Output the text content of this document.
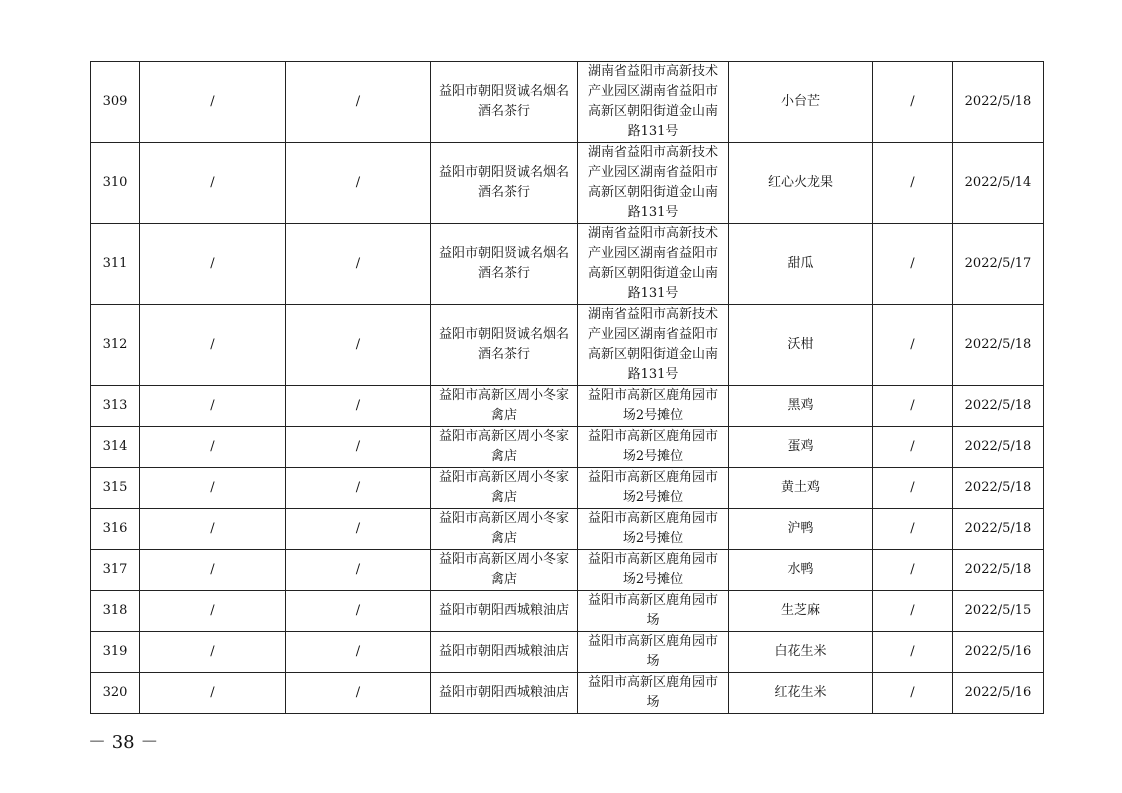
309	/	/	益阳市朝阳贤诚名烟名酒名茶行	湖南省益阳市高新技术产业园区湖南省益阳市高新区朝阳街道金山南路131号	小台芒	/	2022/5/18
310	/	/	益阳市朝阳贤诚名烟名酒名茶行	湖南省益阳市高新技术产业园区湖南省益阳市高新区朝阳街道金山南路131号	红心火龙果	/	2022/5/14
311	/	/	益阳市朝阳贤诚名烟名酒名茶行	湖南省益阳市高新技术产业园区湖南省益阳市高新区朝阳街道金山南路131号	甜瓜	/	2022/5/17
312	/	/	益阳市朝阳贤诚名烟名酒名茶行	湖南省益阳市高新技术产业园区湖南省益阳市高新区朝阳街道金山南路131号	沃柑	/	2022/5/18
313	/	/	益阳市高新区周小冬家禽店	益阳市高新区鹿角园市场2号摊位	黑鸡	/	2022/5/18
314	/	/	益阳市高新区周小冬家禽店	益阳市高新区鹿角园市场2号摊位	蛋鸡	/	2022/5/18
315	/	/	益阳市高新区周小冬家禽店	益阳市高新区鹿角园市场2号摊位	黄土鸡	/	2022/5/18
316	/	/	益阳市高新区周小冬家禽店	益阳市高新区鹿角园市场2号摊位	沪鸭	/	2022/5/18
317	/	/	益阳市高新区周小冬家禽店	益阳市高新区鹿角园市场2号摊位	水鸭	/	2022/5/18
318	/	/	益阳市朝阳西城粮油店	益阳市高新区鹿角园市场	生芝麻	/	2022/5/15
319	/	/	益阳市朝阳西城粮油店	益阳市高新区鹿角园市场	白花生米	/	2022/5/16
320	/	/	益阳市朝阳西城粮油店	益阳市高新区鹿角园市场	红花生米	/	2022/5/16
－ 38 －
